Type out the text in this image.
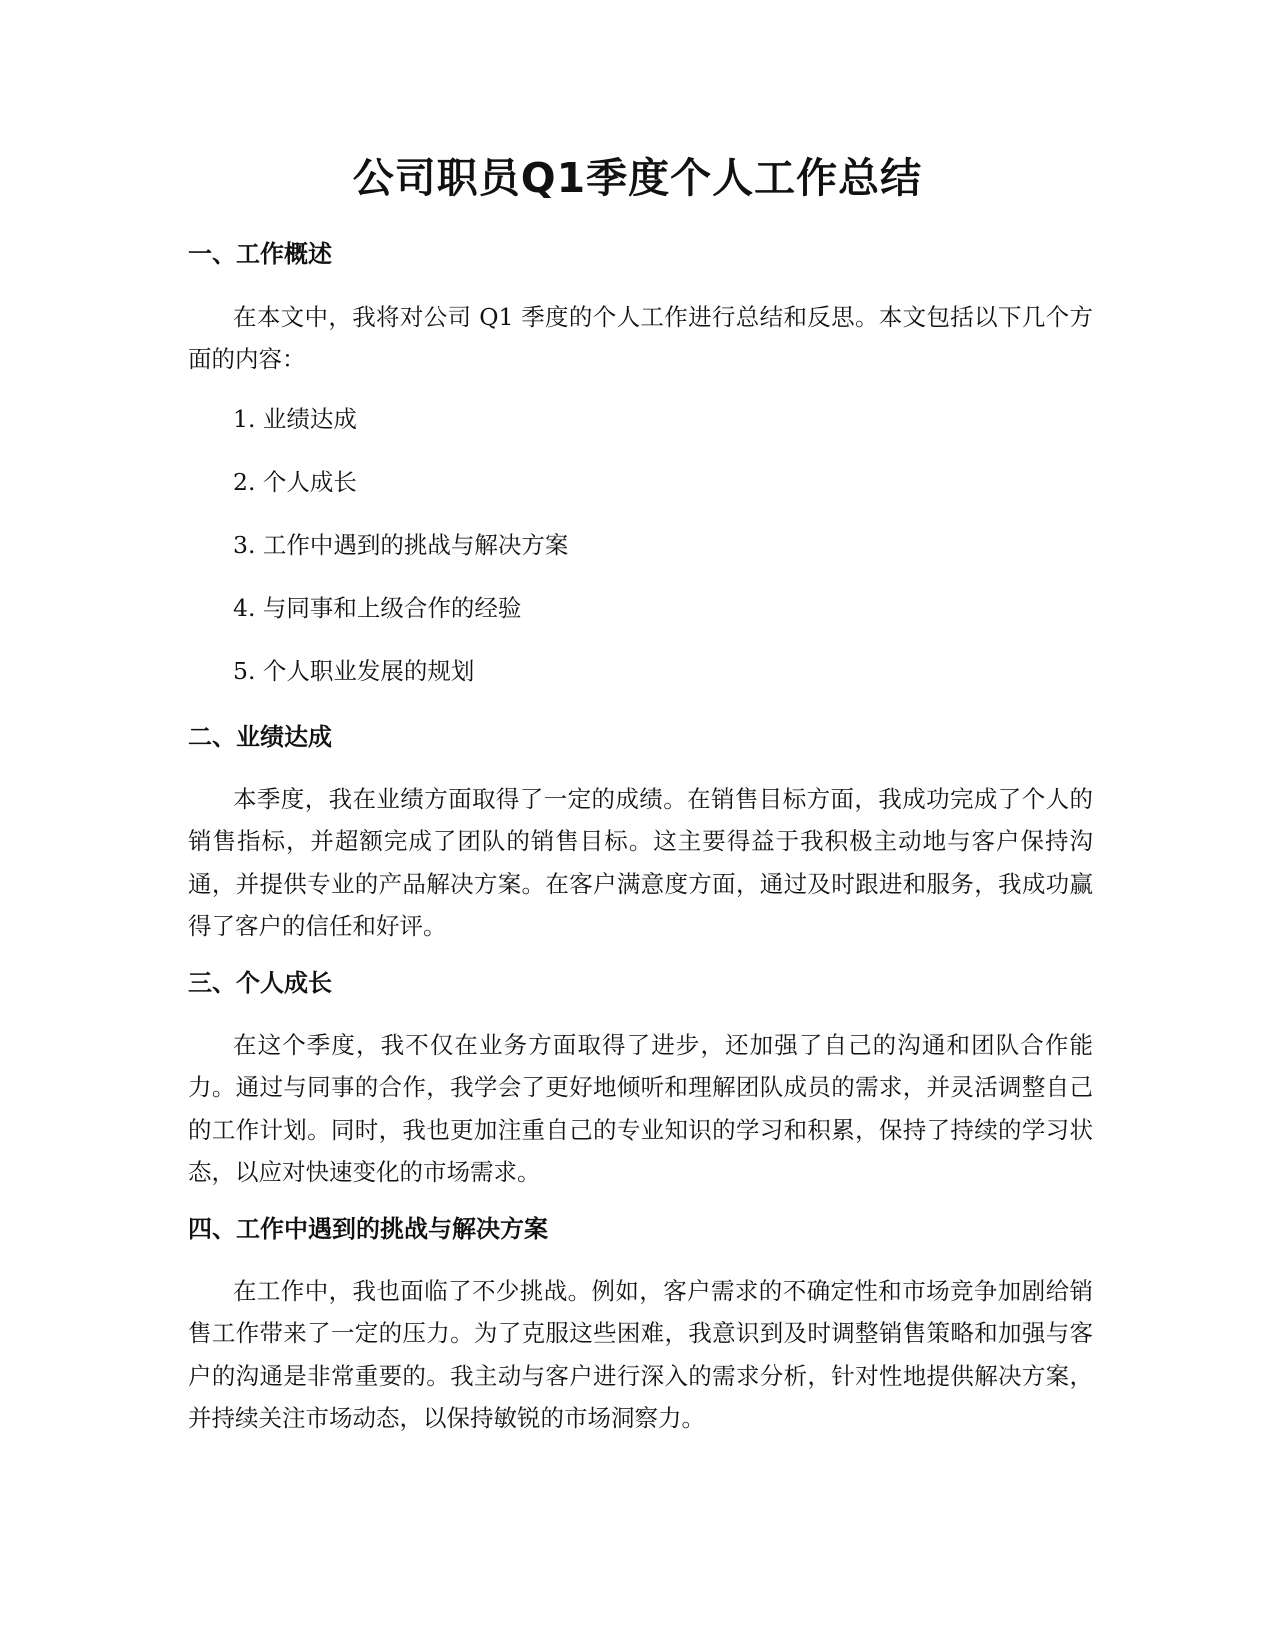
公司职员Q1季度个人工作总结
一、工作概述

在本文中，我将对公司 Q1 季度的个人工作进行总结和反思。本文包括以下几个方面的内容：

1. 业绩达成

2. 个人成长

3. 工作中遇到的挑战与解决方案

4. 与同事和上级合作的经验

5. 个人职业发展的规划

二、业绩达成

本季度，我在业绩方面取得了一定的成绩。在销售目标方面，我成功完成了个人的销售指标，并超额完成了团队的销售目标。这主要得益于我积极主动地与客户保持沟通，并提供专业的产品解决方案。在客户满意度方面，通过及时跟进和服务，我成功赢得了客户的信任和好评。

三、个人成长

在这个季度，我不仅在业务方面取得了进步，还加强了自己的沟通和团队合作能力。通过与同事的合作，我学会了更好地倾听和理解团队成员的需求，并灵活调整自己的工作计划。同时，我也更加注重自己的专业知识的学习和积累，保持了持续的学习状态，以应对快速变化的市场需求。

四、工作中遇到的挑战与解决方案

在工作中，我也面临了不少挑战。例如，客户需求的不确定性和市场竞争加剧给销售工作带来了一定的压力。为了克服这些困难，我意识到及时调整销售策略和加强与客户的沟通是非常重要的。我主动与客户进行深入的需求分析，针对性地提供解决方案，并持续关注市场动态，以保持敏锐的市场洞察力。
